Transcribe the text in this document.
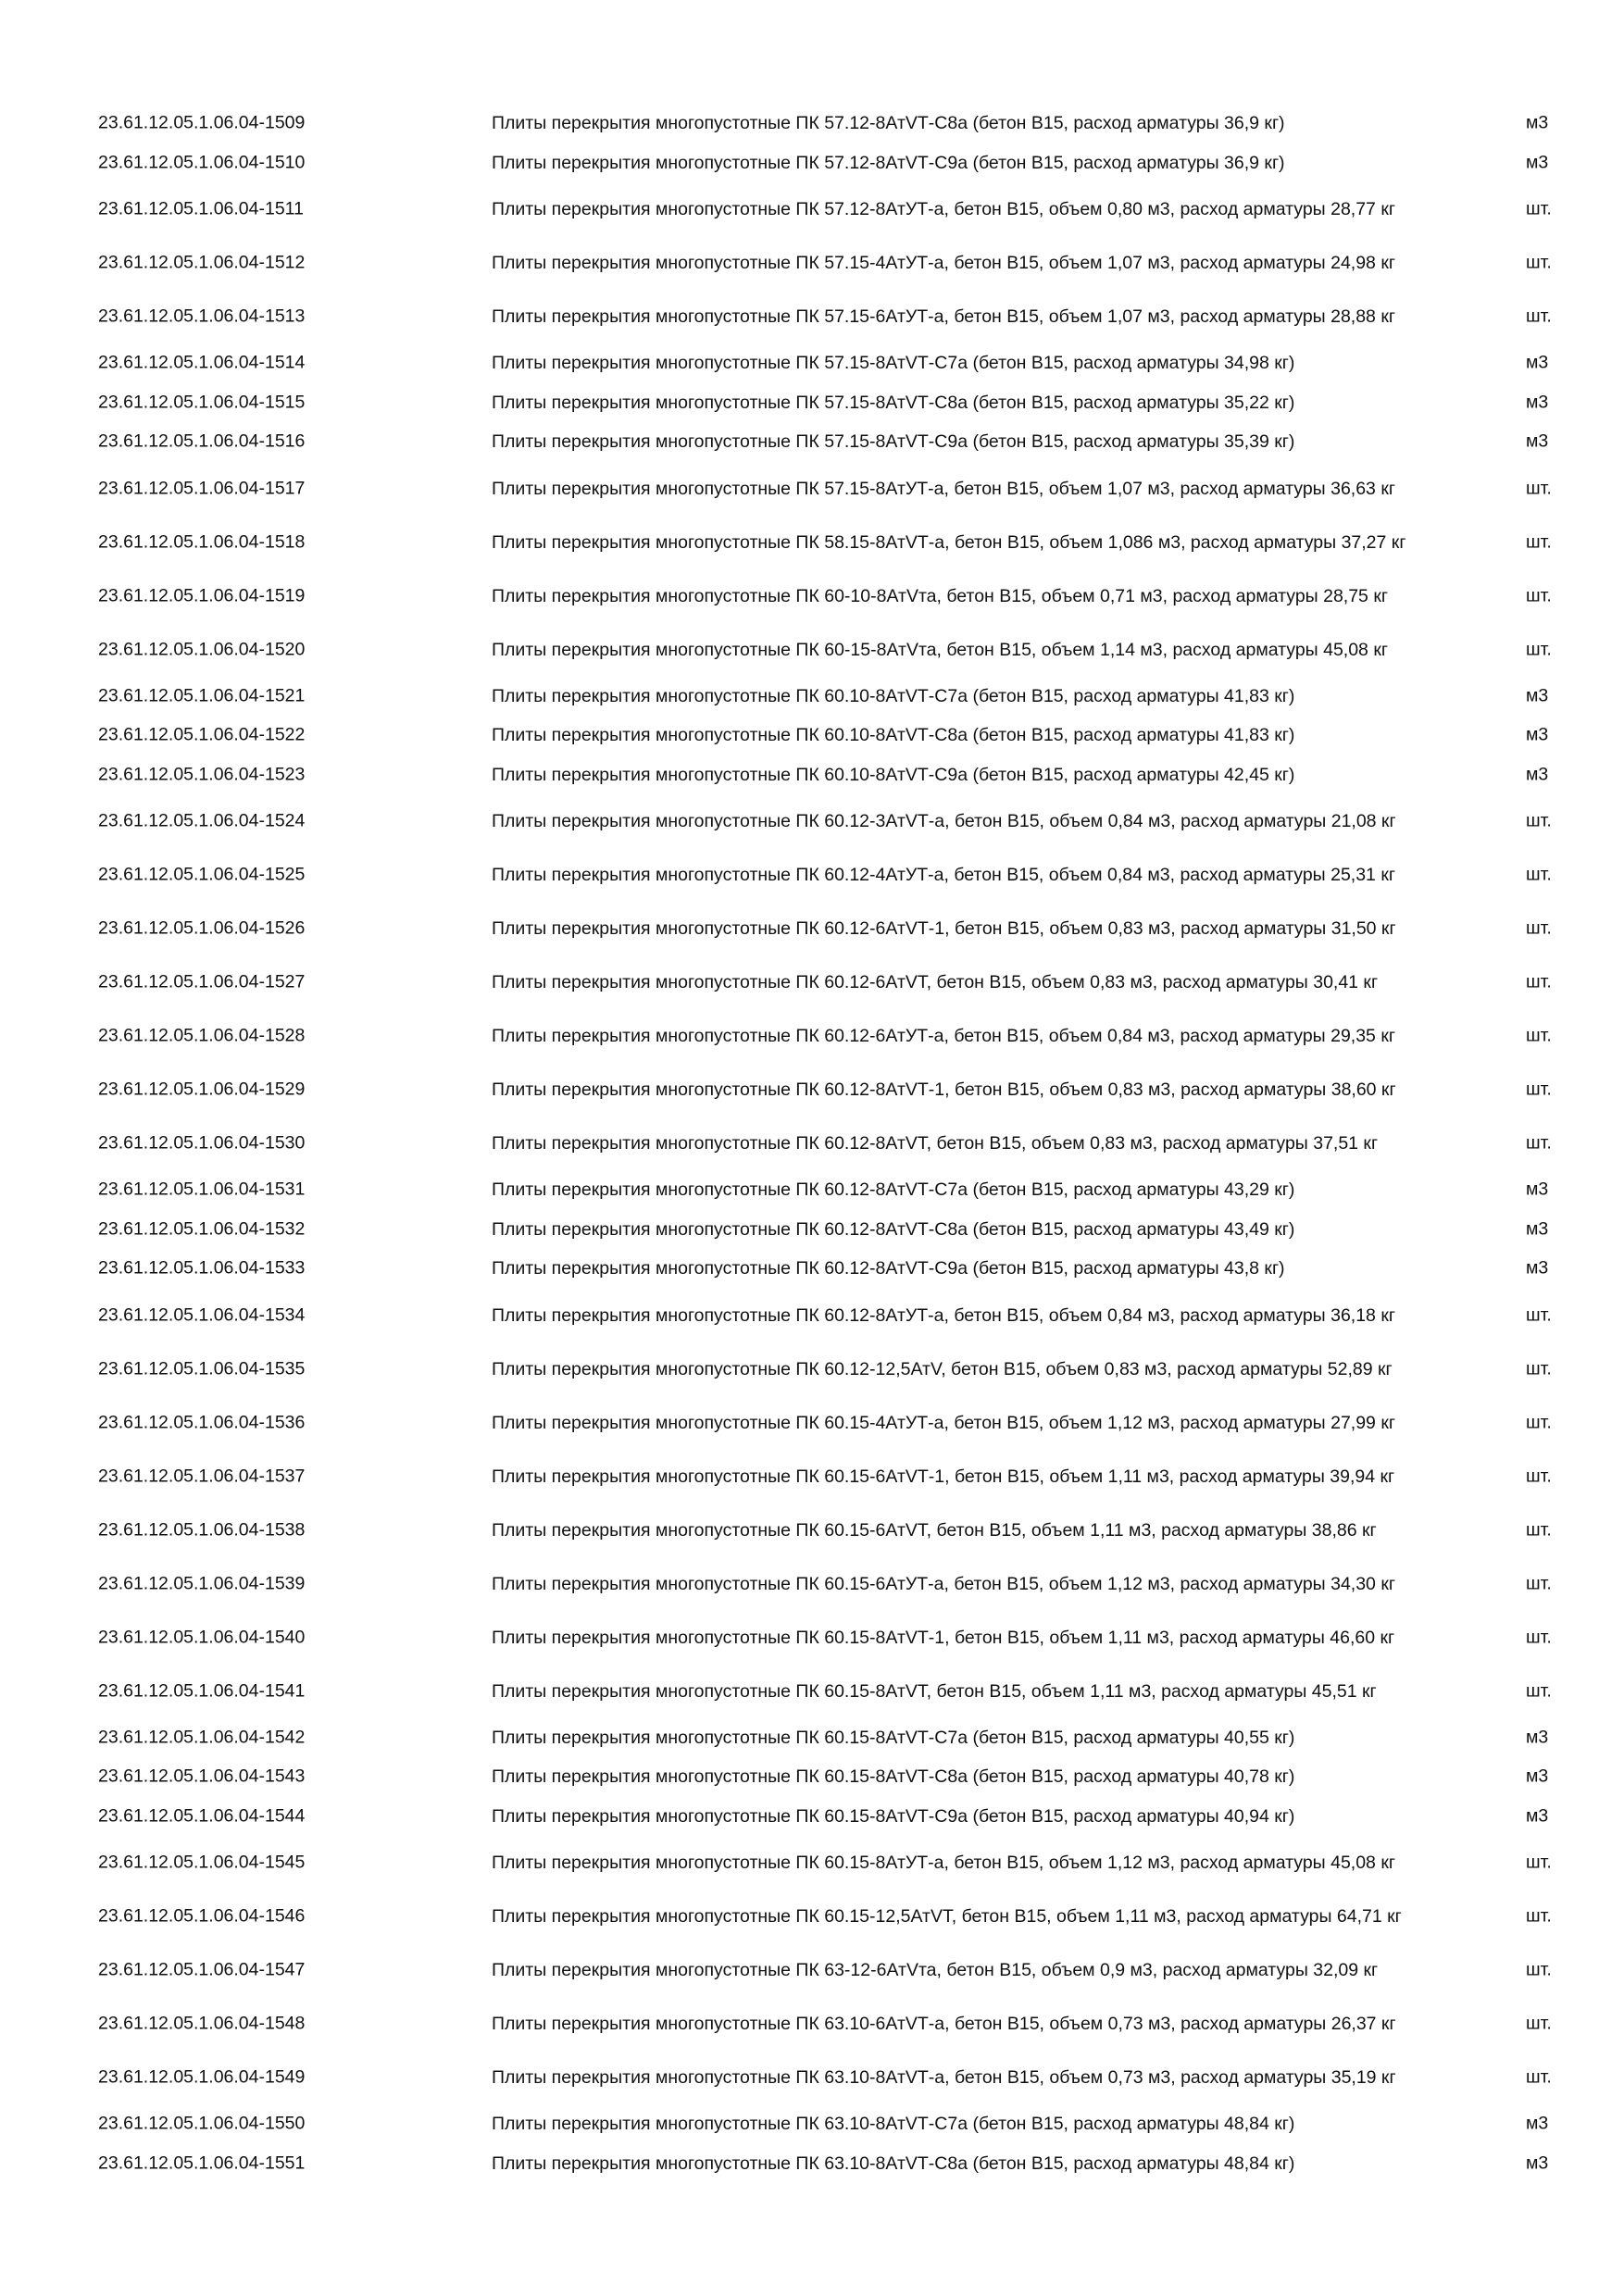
23.61.12.05.1.06.04-1509	Плиты перекрытия многопустотные ПК 57.12-8АтVТ-С8а (бетон В15, расход арматуры 36,9 кг)	м3
23.61.12.05.1.06.04-1510	Плиты перекрытия многопустотные ПК 57.12-8АтVТ-С9а (бетон В15, расход арматуры 36,9 кг)	м3
23.61.12.05.1.06.04-1511	Плиты перекрытия многопустотные ПК 57.12-8АтУТ-а, бетон В15, объем 0,80 м3, расход арматуры 28,77 кг	шт.
23.61.12.05.1.06.04-1512	Плиты перекрытия многопустотные ПК 57.15-4АтУТ-а, бетон В15, объем 1,07 м3, расход арматуры 24,98 кг	шт.
23.61.12.05.1.06.04-1513	Плиты перекрытия многопустотные ПК 57.15-6АтУТ-а, бетон В15, объем 1,07 м3, расход арматуры 28,88 кг	шт.
23.61.12.05.1.06.04-1514	Плиты перекрытия многопустотные ПК 57.15-8АтVТ-С7а (бетон В15, расход арматуры 34,98 кг)	м3
23.61.12.05.1.06.04-1515	Плиты перекрытия многопустотные ПК 57.15-8АтVТ-С8а (бетон В15, расход арматуры 35,22 кг)	м3
23.61.12.05.1.06.04-1516	Плиты перекрытия многопустотные ПК 57.15-8АтVТ-С9а (бетон В15, расход арматуры 35,39 кг)	м3
23.61.12.05.1.06.04-1517	Плиты перекрытия многопустотные ПК 57.15-8АтУТ-а, бетон В15, объем 1,07 м3, расход арматуры 36,63 кг	шт.
23.61.12.05.1.06.04-1518	Плиты перекрытия многопустотные ПК 58.15-8АтVТ-а, бетон В15, объем 1,086 м3, расход арматуры 37,27 кг	шт.
23.61.12.05.1.06.04-1519	Плиты перекрытия многопустотные ПК 60-10-8АтVта, бетон В15, объем 0,71 м3, расход арматуры 28,75 кг	шт.
23.61.12.05.1.06.04-1520	Плиты перекрытия многопустотные ПК 60-15-8АтVта, бетон В15, объем 1,14 м3, расход арматуры 45,08 кг	шт.
23.61.12.05.1.06.04-1521	Плиты перекрытия многопустотные ПК 60.10-8АтVТ-С7а (бетон В15, расход арматуры 41,83 кг)	м3
23.61.12.05.1.06.04-1522	Плиты перекрытия многопустотные ПК 60.10-8АтVТ-С8а (бетон В15, расход арматуры 41,83 кг)	м3
23.61.12.05.1.06.04-1523	Плиты перекрытия многопустотные ПК 60.10-8АтVТ-С9а (бетон В15, расход арматуры 42,45 кг)	м3
23.61.12.05.1.06.04-1524	Плиты перекрытия многопустотные ПК 60.12-3АтVТ-а, бетон В15, объем 0,84 м3, расход арматуры 21,08 кг	шт.
23.61.12.05.1.06.04-1525	Плиты перекрытия многопустотные ПК 60.12-4АтУТ-а, бетон В15, объем 0,84 м3, расход арматуры 25,31 кг	шт.
23.61.12.05.1.06.04-1526	Плиты перекрытия многопустотные ПК 60.12-6АтVТ-1, бетон В15, объем 0,83 м3, расход арматуры 31,50 кг	шт.
23.61.12.05.1.06.04-1527	Плиты перекрытия многопустотные ПК 60.12-6АтVТ, бетон В15, объем 0,83 м3, расход арматуры 30,41 кг	шт.
23.61.12.05.1.06.04-1528	Плиты перекрытия многопустотные ПК 60.12-6АтУТ-а, бетон В15, объем 0,84 м3, расход арматуры 29,35 кг	шт.
23.61.12.05.1.06.04-1529	Плиты перекрытия многопустотные ПК 60.12-8АтVТ-1, бетон В15, объем 0,83 м3, расход арматуры 38,60 кг	шт.
23.61.12.05.1.06.04-1530	Плиты перекрытия многопустотные ПК 60.12-8АтVТ, бетон В15, объем 0,83 м3, расход арматуры 37,51 кг	шт.
23.61.12.05.1.06.04-1531	Плиты перекрытия многопустотные ПК 60.12-8АтVТ-С7а (бетон В15, расход арматуры 43,29 кг)	м3
23.61.12.05.1.06.04-1532	Плиты перекрытия многопустотные ПК 60.12-8АтVТ-С8а (бетон В15, расход арматуры 43,49 кг)	м3
23.61.12.05.1.06.04-1533	Плиты перекрытия многопустотные ПК 60.12-8АтVТ-С9а (бетон В15, расход арматуры 43,8 кг)	м3
23.61.12.05.1.06.04-1534	Плиты перекрытия многопустотные ПК 60.12-8АтУТ-а, бетон В15, объем 0,84 м3, расход арматуры 36,18 кг	шт.
23.61.12.05.1.06.04-1535	Плиты перекрытия многопустотные ПК 60.12-12,5АтV, бетон В15, объем 0,83 м3, расход арматуры 52,89 кг	шт.
23.61.12.05.1.06.04-1536	Плиты перекрытия многопустотные ПК 60.15-4АтУТ-а, бетон В15, объем 1,12 м3, расход арматуры 27,99 кг	шт.
23.61.12.05.1.06.04-1537	Плиты перекрытия многопустотные ПК 60.15-6АтVТ-1, бетон В15, объем 1,11 м3, расход арматуры 39,94 кг	шт.
23.61.12.05.1.06.04-1538	Плиты перекрытия многопустотные ПК 60.15-6АтVТ, бетон В15, объем 1,11 м3, расход арматуры 38,86 кг	шт.
23.61.12.05.1.06.04-1539	Плиты перекрытия многопустотные ПК 60.15-6АтУТ-а, бетон В15, объем 1,12 м3, расход арматуры 34,30 кг	шт.
23.61.12.05.1.06.04-1540	Плиты перекрытия многопустотные ПК 60.15-8АтVТ-1, бетон В15, объем 1,11 м3, расход арматуры 46,60 кг	шт.
23.61.12.05.1.06.04-1541	Плиты перекрытия многопустотные ПК 60.15-8АтVТ, бетон В15, объем 1,11 м3, расход арматуры 45,51 кг	шт.
23.61.12.05.1.06.04-1542	Плиты перекрытия многопустотные ПК 60.15-8АтVТ-С7а (бетон В15, расход арматуры 40,55 кг)	м3
23.61.12.05.1.06.04-1543	Плиты перекрытия многопустотные ПК 60.15-8АтVТ-С8а (бетон В15, расход арматуры 40,78 кг)	м3
23.61.12.05.1.06.04-1544	Плиты перекрытия многопустотные ПК 60.15-8АтVТ-С9а (бетон В15, расход арматуры 40,94 кг)	м3
23.61.12.05.1.06.04-1545	Плиты перекрытия многопустотные ПК 60.15-8АтУТ-а, бетон В15, объем 1,12 м3, расход арматуры 45,08 кг	шт.
23.61.12.05.1.06.04-1546	Плиты перекрытия многопустотные ПК 60.15-12,5АтVТ, бетон В15, объем 1,11 м3, расход арматуры 64,71 кг	шт.
23.61.12.05.1.06.04-1547	Плиты перекрытия многопустотные ПК 63-12-6АтVта, бетон В15, объем 0,9 м3, расход арматуры 32,09 кг	шт.
23.61.12.05.1.06.04-1548	Плиты перекрытия многопустотные ПК 63.10-6АтVТ-а, бетон В15, объем 0,73 м3, расход арматуры 26,37 кг	шт.
23.61.12.05.1.06.04-1549	Плиты перекрытия многопустотные ПК 63.10-8АтVТ-а, бетон В15, объем 0,73 м3, расход арматуры 35,19 кг	шт.
23.61.12.05.1.06.04-1550	Плиты перекрытия многопустотные ПК 63.10-8АтVТ-С7а (бетон В15, расход арматуры 48,84 кг)	м3
23.61.12.05.1.06.04-1551	Плиты перекрытия многопустотные ПК 63.10-8АтVТ-С8а (бетон В15, расход арматуры 48,84 кг)	м3
